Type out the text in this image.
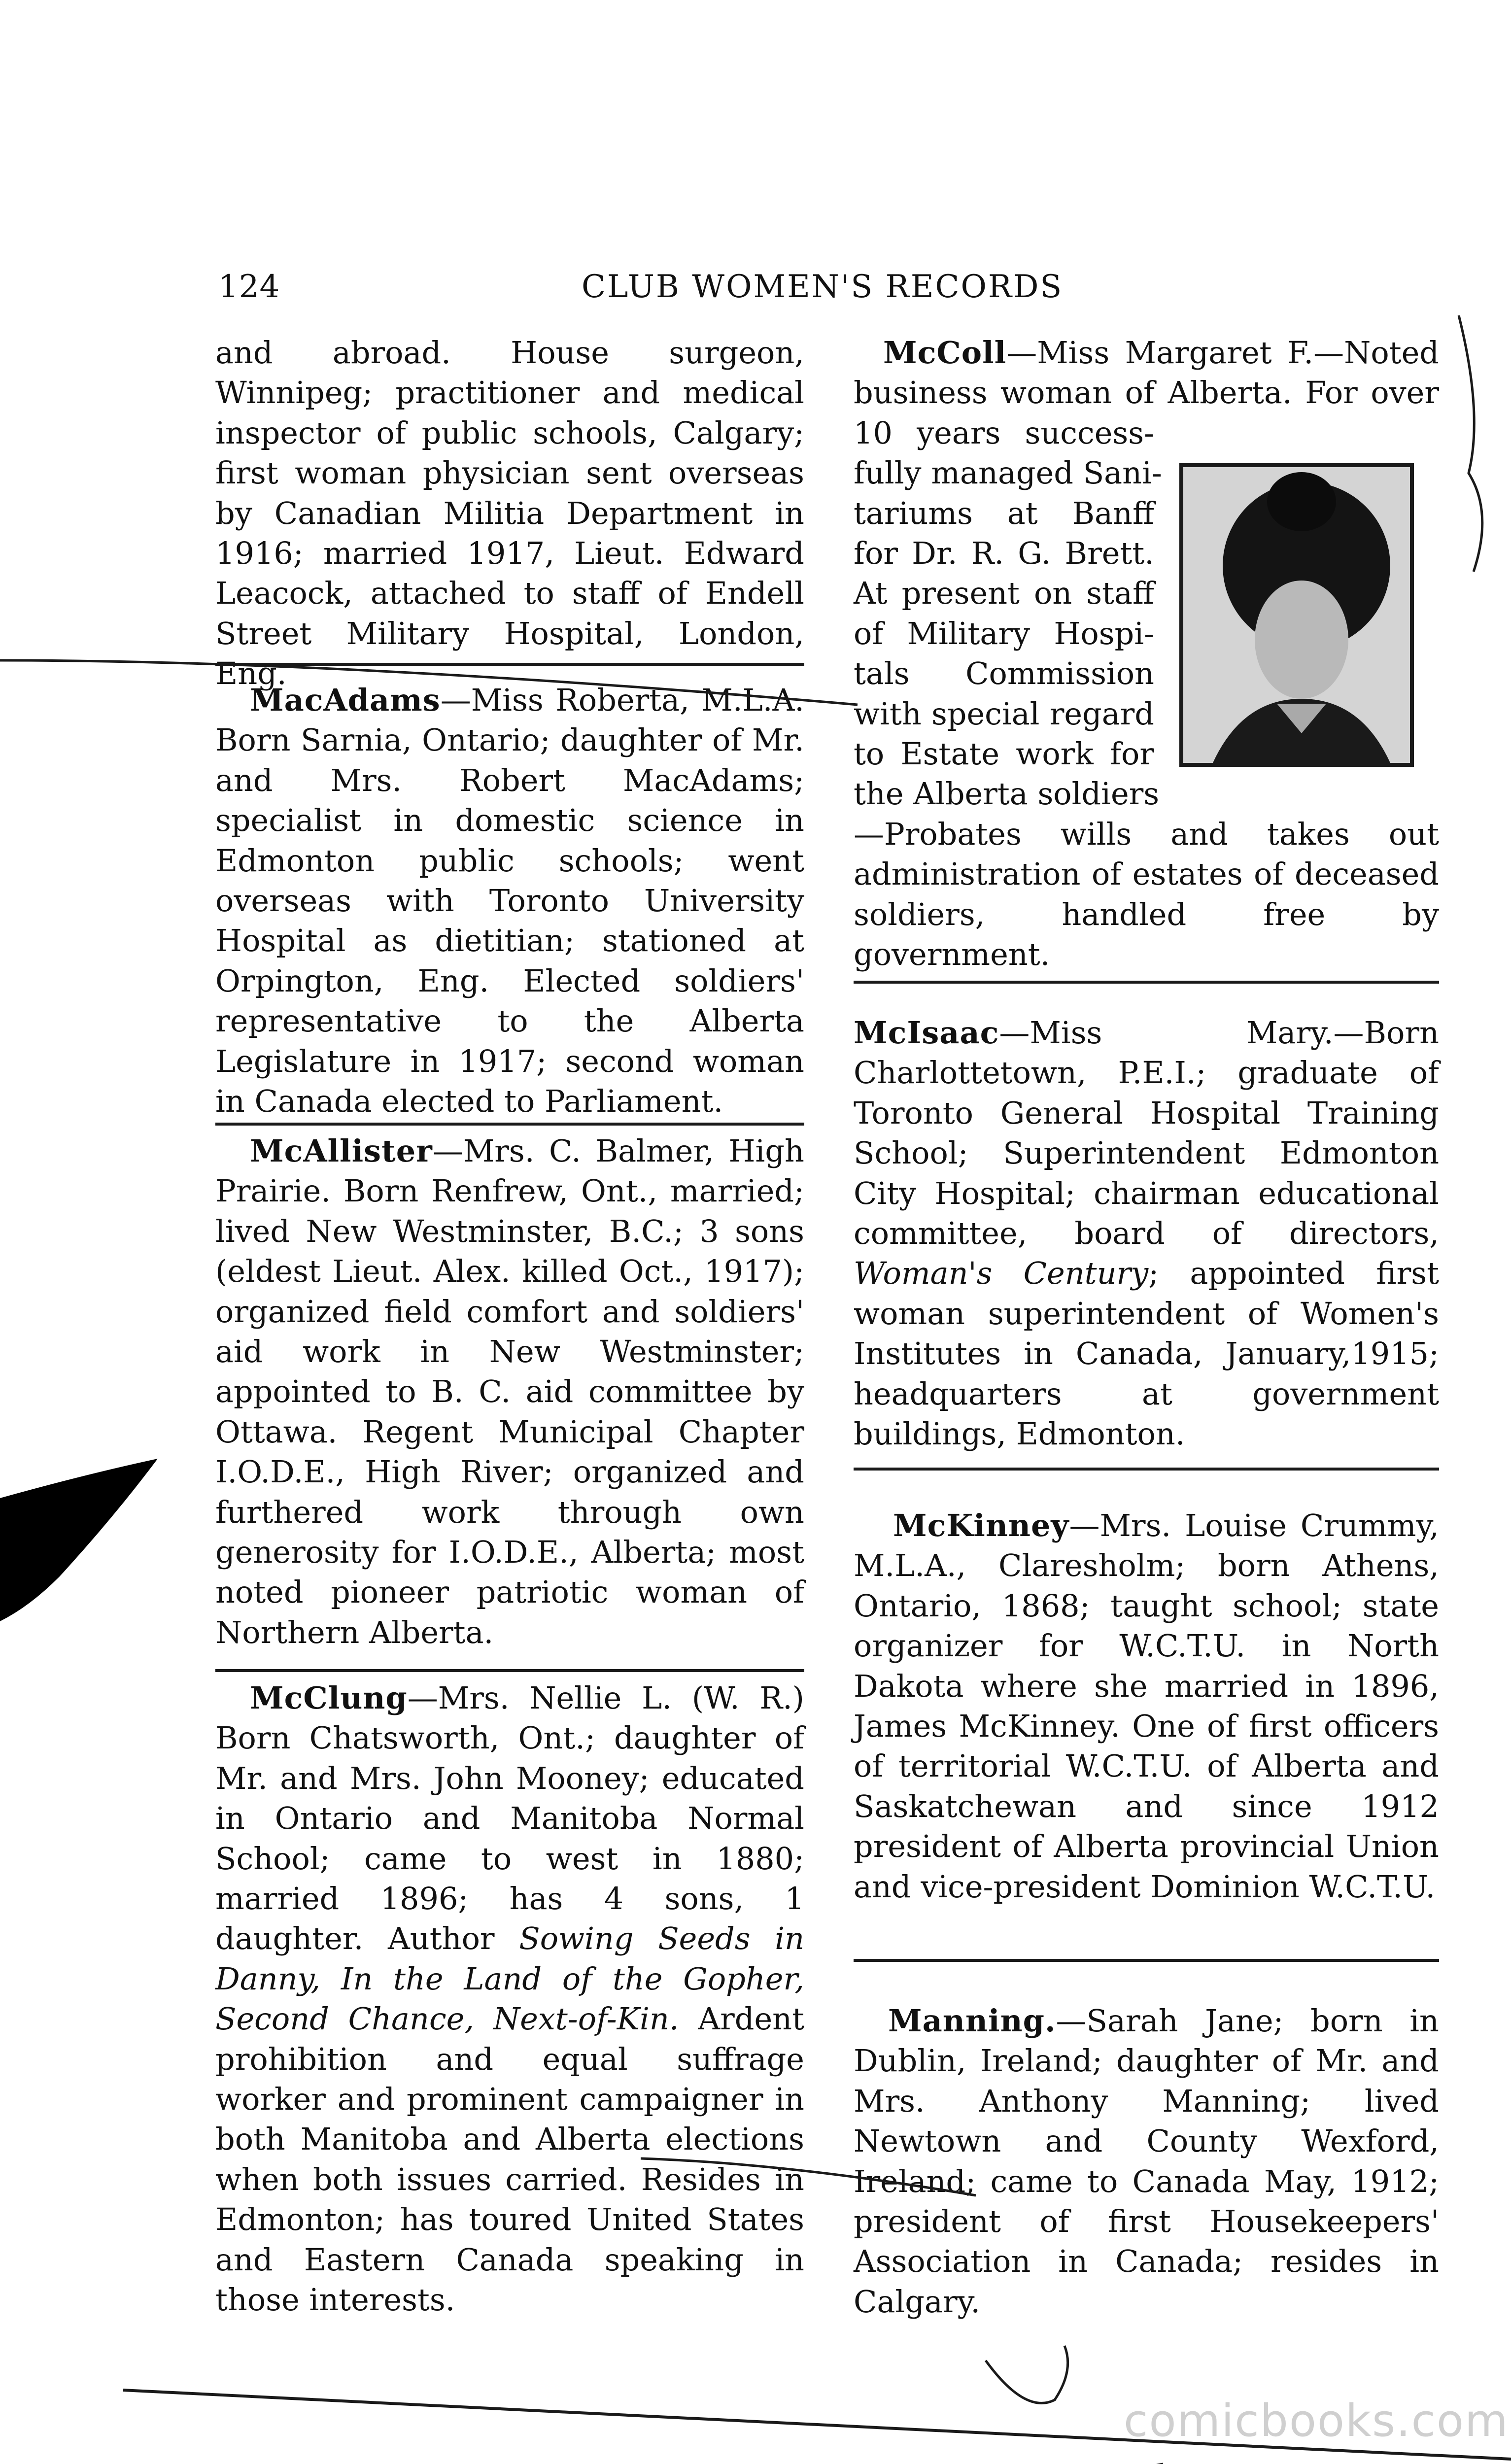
124	CLUB WOMEN'S RECORDS

and abroad. House surgeon, Winnipeg; practitioner and medical inspector of public schools, Calgary; first woman physician sent overseas by Canadian Militia Department in 1916; married 1917, Lieut. Edward Leacock, attached to staff of Endell Street Military Hospital, London, Eng.

MacAdams—Miss Roberta, M.L.A. Born Sarnia, Ontario; daughter of Mr. and Mrs. Robert MacAdams; specialist in domestic science in Edmonton public schools; went overseas with Toronto University Hospital as dietitian; stationed at Orpington, Eng. Elected soldiers' representative to the Alberta Legislature in 1917; second woman in Canada elected to Parliament.

McAllister—Mrs. C. Balmer, High Prairie. Born Renfrew, Ont., married; lived New Westminster, B.C.; 3 sons (eldest Lieut. Alex. killed Oct., 1917); organized field comfort and soldiers' aid work in New Westminster; appointed to B. C. aid committee by Ottawa. Regent Municipal Chapter I.O.D.E., High River; organized and furthered work through own generosity for I.O.D.E., Alberta; most noted pioneer patriotic woman of Northern Alberta.

McClung—Mrs. Nellie L. (W. R.) Born Chatsworth, Ont.; daughter of Mr. and Mrs. John Mooney; educated in Ontario and Manitoba Normal School; came to west in 1880; married 1896; has 4 sons, 1 daughter. Author Sowing Seeds in Danny, In the Land of the Gopher, Second Chance, Next-of-Kin. Ardent prohibition and equal suffrage worker and prominent campaigner in both Manitoba and Alberta elections when both issues carried. Resides in Edmonton; has toured United States and Eastern Canada speaking in those interests.

McColl—Miss Margaret F.—Noted
business woman of Alberta. For over
10 years success-
fully managed Sani-
tariums at Banff
for Dr. R. G. Brett.
At present on staff
of Military Hospi-
tals Commission
with special regard
to Estate work for
the Alberta soldiers

—Probates wills and takes out administration of estates of deceased soldiers, handled free by government.

McIsaac—Miss Mary.—Born Charlottetown, P.E.I.; graduate of Toronto General Hospital Training School; Superintendent Edmonton City Hospital; chairman educational committee, board of directors, Woman's Century; appointed first woman superintendent of Women's Institutes in Canada, January,1915; headquarters at government buildings, Edmonton.

McKinney—Mrs. Louise Crummy, M.L.A., Claresholm; born Athens, Ontario, 1868; taught school; state organizer for W.C.T.U. in North Dakota where she married in 1896, James McKinney. One of first officers of territorial W.C.T.U. of Alberta and Saskatchewan and since 1912 president of Alberta provincial Union and vice-president Dominion W.C.T.U.

Manning.—Sarah Jane; born in Dublin, Ireland; daughter of Mr. and Mrs. Anthony Manning; lived Newtown and County Wexford, Ireland; came to Canada May, 1912; president of first Housekeepers' Association in Canada; resides in Calgary.

comicbooks.com
